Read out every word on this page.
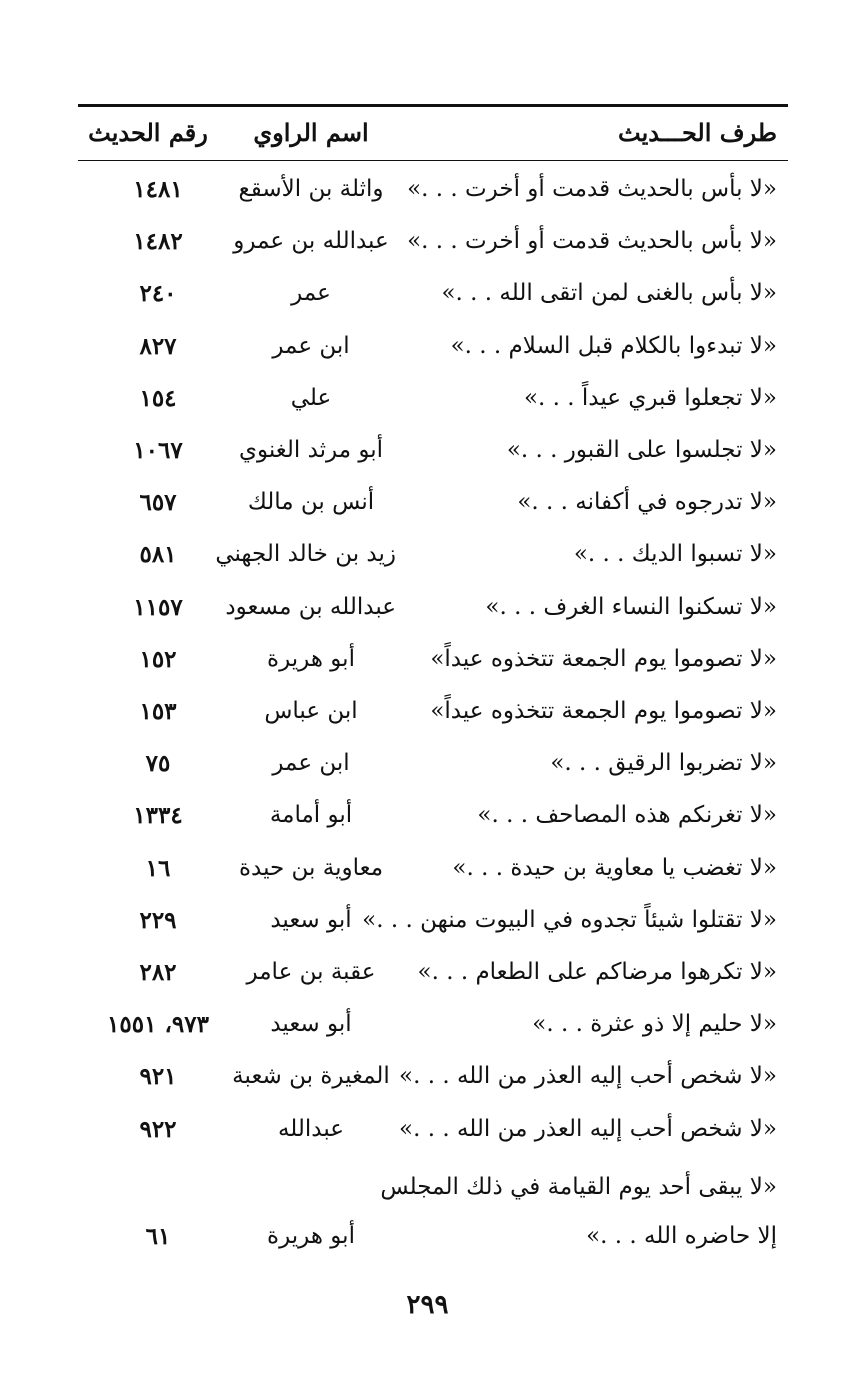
طرف الحـــديث
اسم الراوي
رقم الحديث
«لا بأس بالحديث قدمت أو أخرت . . .»
واثلة بن الأسقع
١٤٨١
«لا بأس بالحديث قدمت أو أخرت . . .»
عبدالله بن عمرو
١٤٨٢
«لا بأس بالغنى لمن اتقى الله . . .»
عمر
٢٤٠
«لا تبدءوا بالكلام قبل السلام . . .»
ابن عمر
٨٢٧
«لا تجعلوا قبري عيداً . . .»
علي
١٥٤
«لا تجلسوا على القبور . . .»
أبو مرثد الغنوي
١٠٦٧
«لا تدرجوه في أكفانه . . .»
أنس بن مالك
٦٥٧
«لا تسبوا الديك . . .»
زيد بن خالد الجهني
٥٨١
«لا تسكنوا النساء الغرف . . .»
عبدالله بن مسعود
١١٥٧
«لا تصوموا يوم الجمعة تتخذوه عيداً»
أبو هريرة
١٥٢
«لا تصوموا يوم الجمعة تتخذوه عيداً»
ابن عباس
١٥٣
«لا تضربوا الرقيق . . .»
ابن عمر
٧٥
«لا تغرنكم هذه المصاحف . . .»
أبو أمامة
١٣٣٤
«لا تغضب يا معاوية بن حيدة . . .»
معاوية بن حيدة
١٦
«لا تقتلوا شيئاً تجدوه في البيوت منهن . . .»
أبو سعيد
٢٢٩
«لا تكرهوا مرضاكم على الطعام . . .»
عقبة بن عامر
٢٨٢
«لا حليم إلا ذو عثرة . . .»
أبو سعيد
٩٧٣، ١٥٥١
«لا شخص أحب إليه العذر من الله . . .»
المغيرة بن شعبة
٩٢١
«لا شخص أحب إليه العذر من الله . . .»
عبدالله
٩٢٢
«لا يبقى أحد يوم القيامة في ذلك المجلس
إلا حاضره الله . . .»
أبو هريرة
٦١
٢٩٩
